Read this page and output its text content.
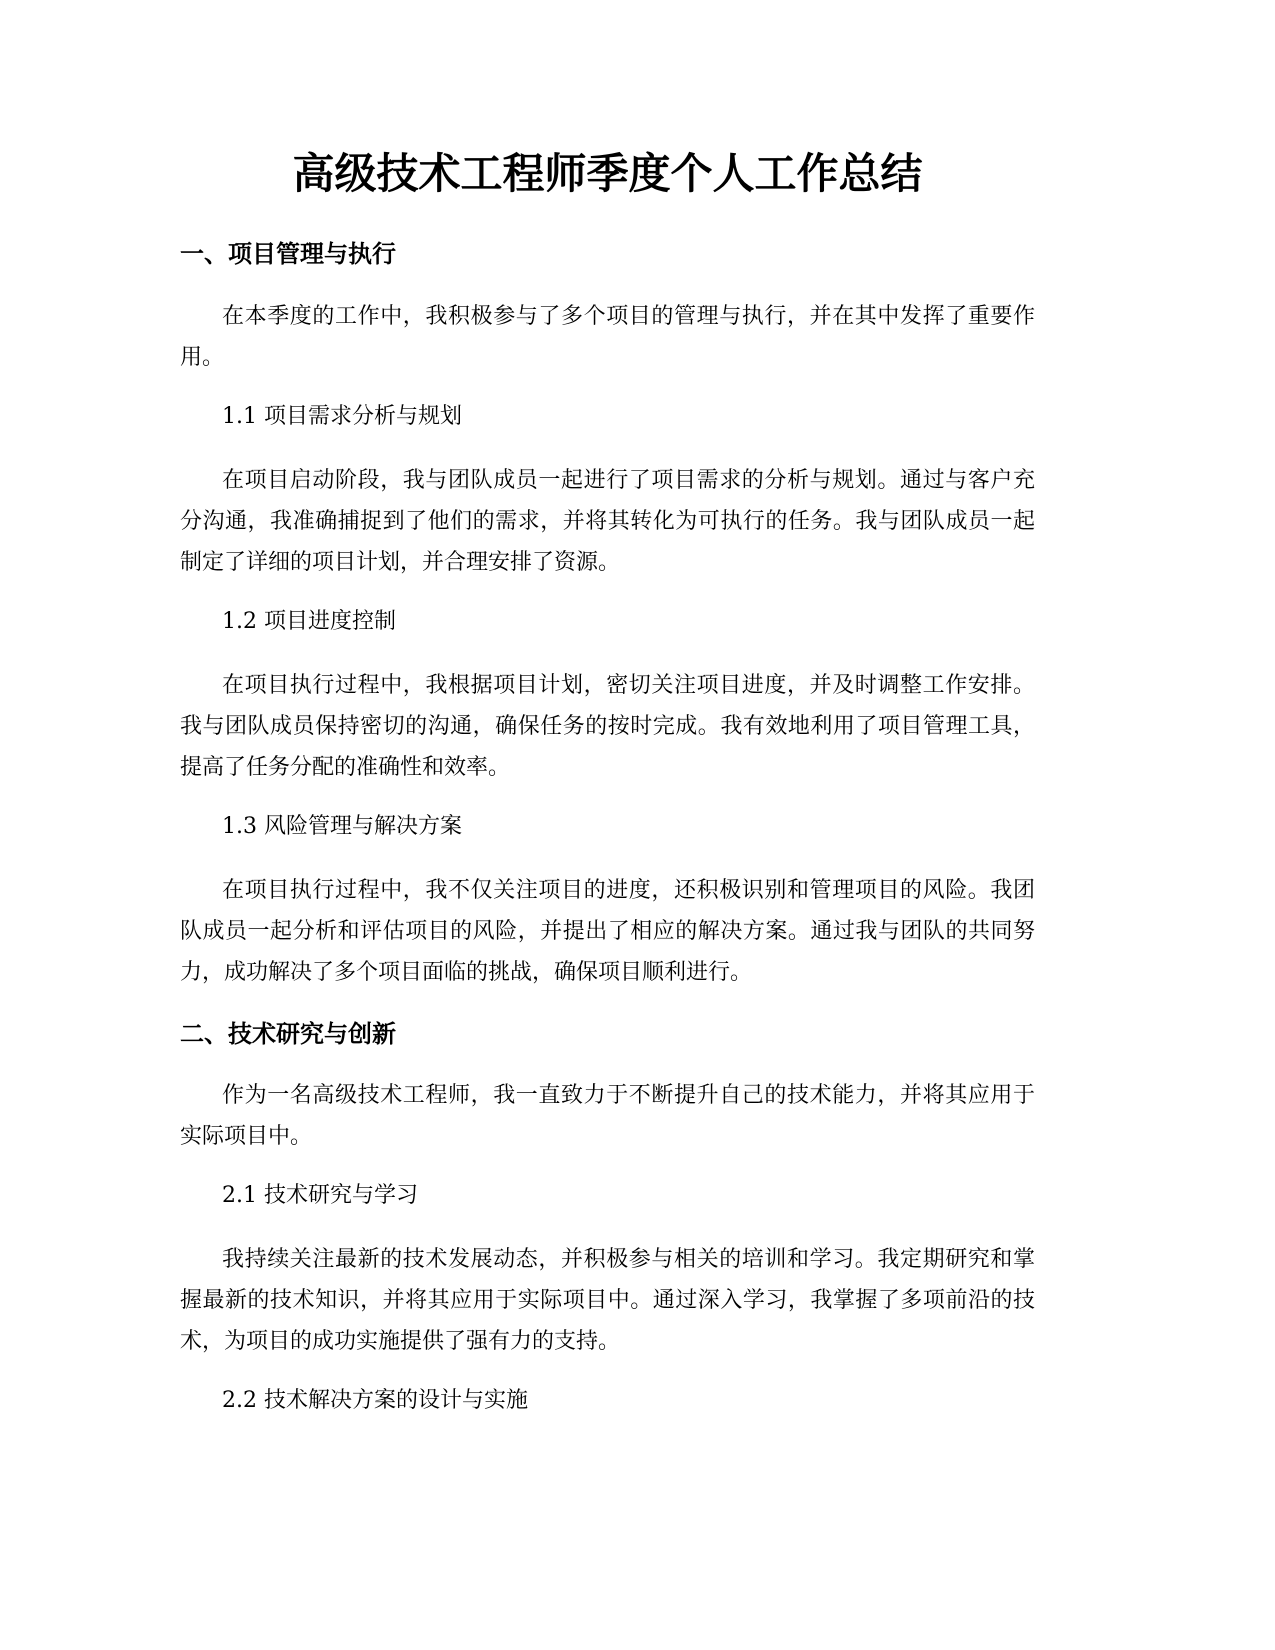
高级技术工程师季度个人工作总结
一、项目管理与执行

在本季度的工作中，我积极参与了多个项目的管理与执行，并在其中发挥了重要作用。

1.1 项目需求分析与规划

在项目启动阶段，我与团队成员一起进行了项目需求的分析与规划。通过与客户充分沟通，我准确捕捉到了他们的需求，并将其转化为可执行的任务。我与团队成员一起制定了详细的项目计划，并合理安排了资源。

1.2 项目进度控制

在项目执行过程中，我根据项目计划，密切关注项目进度，并及时调整工作安排。我与团队成员保持密切的沟通，确保任务的按时完成。我有效地利用了项目管理工具，提高了任务分配的准确性和效率。

1.3 风险管理与解决方案

在项目执行过程中，我不仅关注项目的进度，还积极识别和管理项目的风险。我团队成员一起分析和评估项目的风险，并提出了相应的解决方案。通过我与团队的共同努力，成功解决了多个项目面临的挑战，确保项目顺利进行。

二、技术研究与创新

作为一名高级技术工程师，我一直致力于不断提升自己的技术能力，并将其应用于实际项目中。

2.1 技术研究与学习

我持续关注最新的技术发展动态，并积极参与相关的培训和学习。我定期研究和掌握最新的技术知识，并将其应用于实际项目中。通过深入学习，我掌握了多项前沿的技术，为项目的成功实施提供了强有力的支持。

2.2 技术解决方案的设计与实施
